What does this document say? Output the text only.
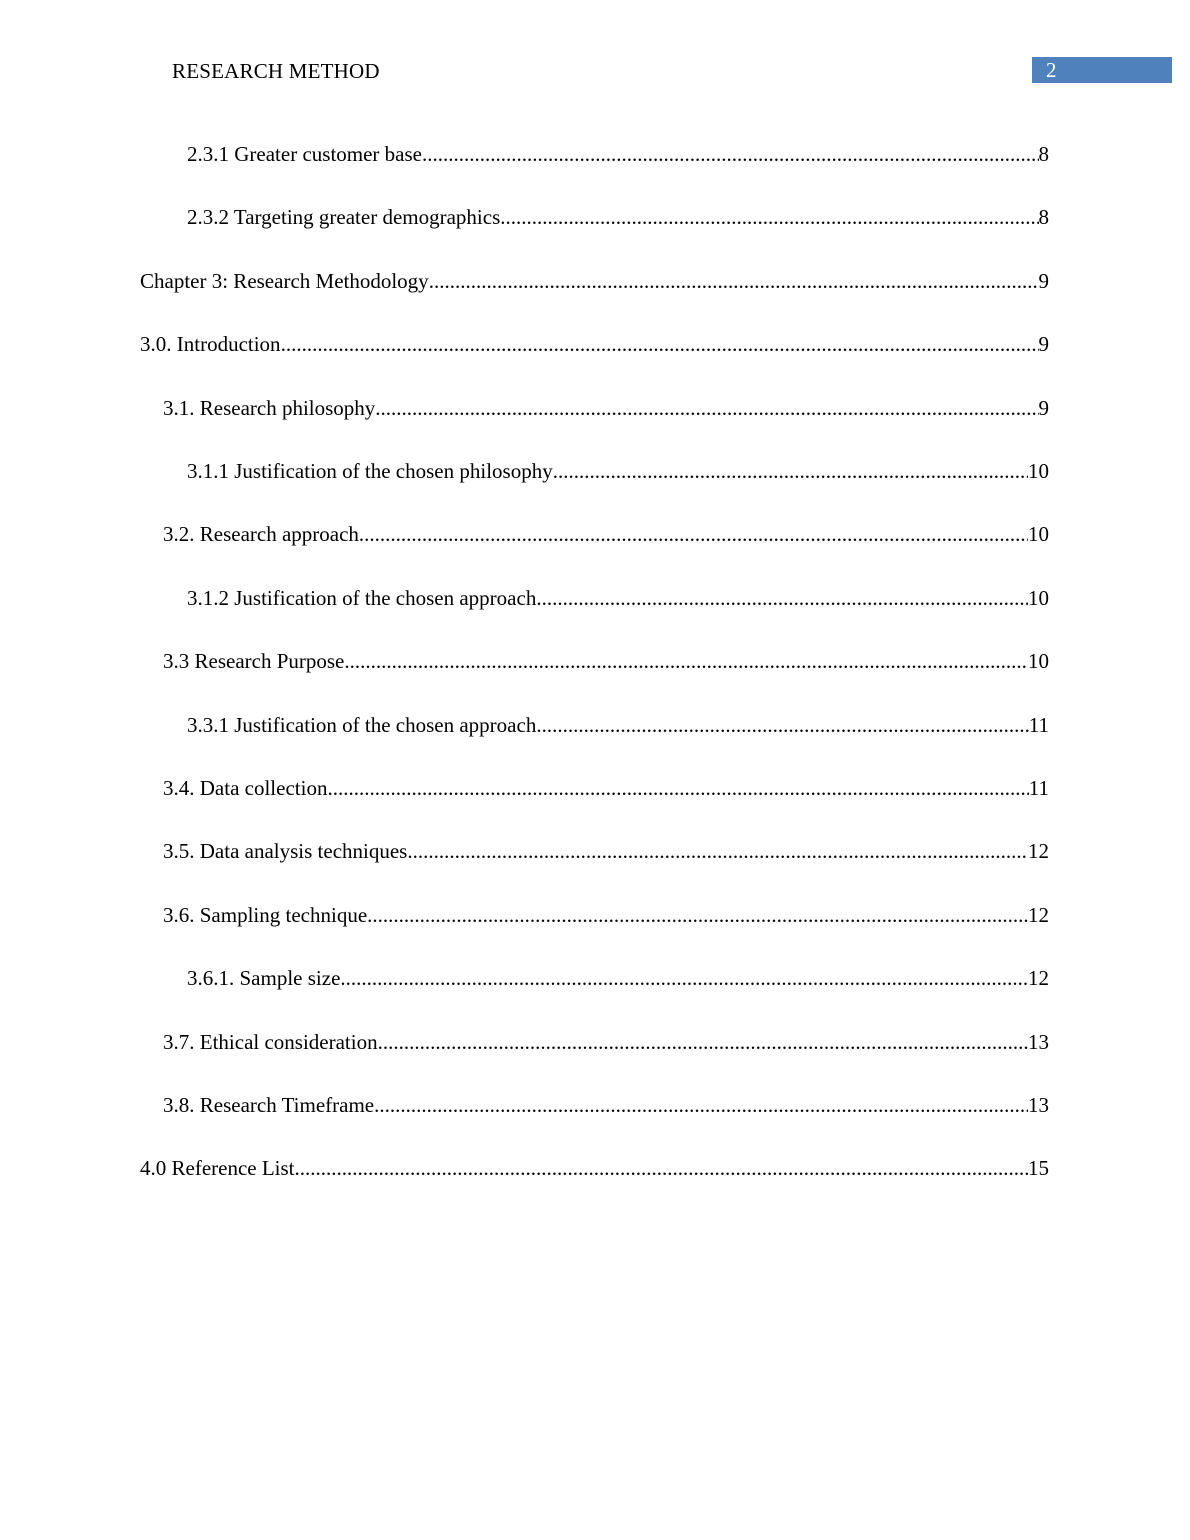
RESEARCH METHOD	2
2.3.1 Greater customer base .....	8
2.3.2 Targeting greater demographics .....	8
Chapter 3: Research Methodology .....	9
3.0. Introduction .....	9
3.1. Research philosophy .....	9
3.1.1 Justification of the chosen philosophy .....	10
3.2. Research approach .....	10
3.1.2 Justification of the chosen approach .....	10
3.3 Research Purpose .....	10
3.3.1 Justification of the chosen approach .....	11
3.4. Data collection .....	11
3.5. Data analysis techniques .....	12
3.6. Sampling technique .....	12
3.6.1. Sample size .....	12
3.7. Ethical consideration .....	13
3.8. Research Timeframe .....	13
4.0 Reference List .....	15
